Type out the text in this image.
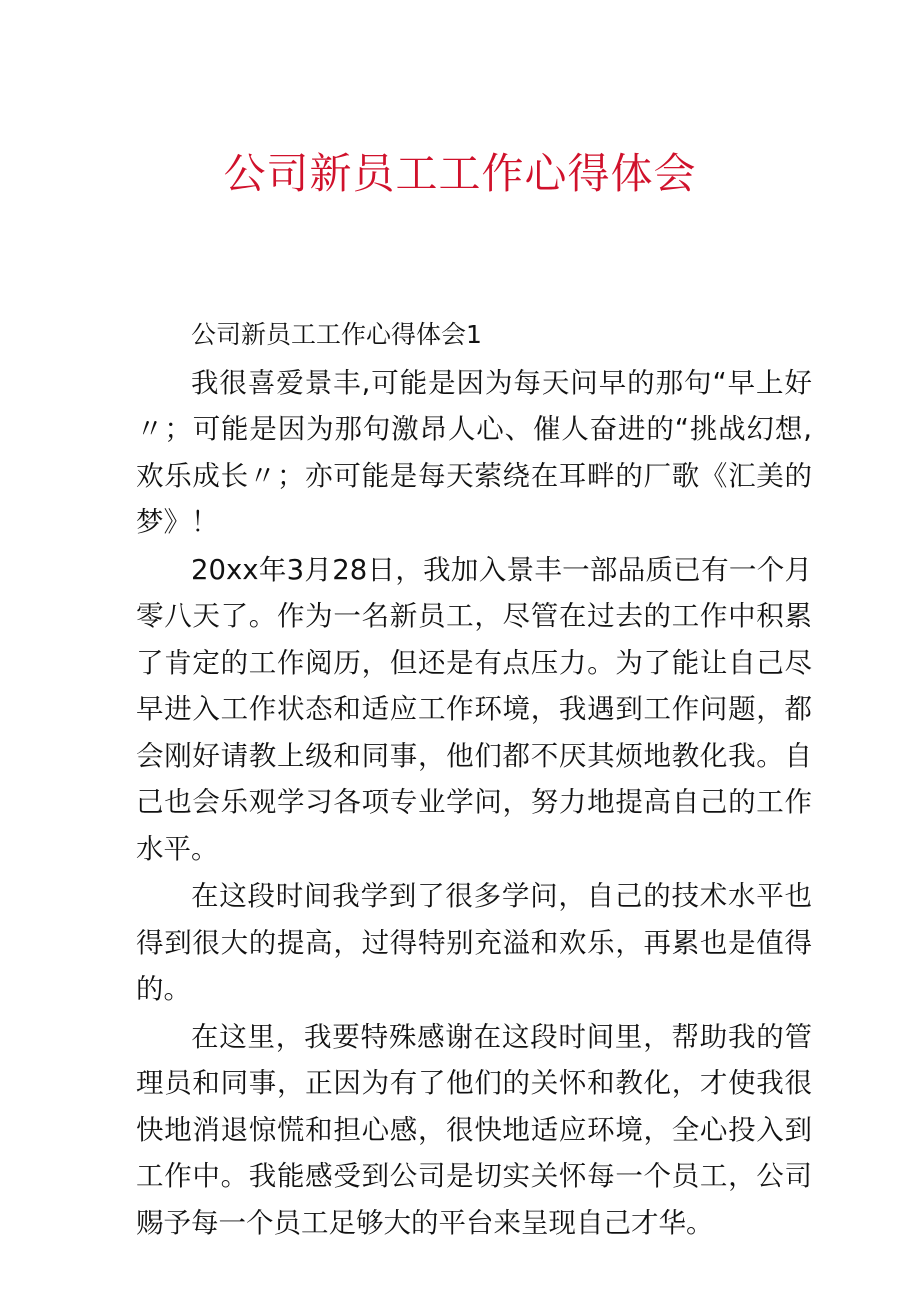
公司新员工工作心得体会

公司新员工工作心得体会1

我很喜爱景丰,可能是因为每天问早的那句“早上好〃；可能是因为那句激昂人心、催人奋进的“挑战幻想,欢乐成长〃；亦可能是每天萦绕在耳畔的厂歌《汇美的梦》！

20xx年3月28日，我加入景丰一部品质已有一个月零八天了。作为一名新员工，尽管在过去的工作中积累了肯定的工作阅历，但还是有点压力。为了能让自己尽早进入工作状态和适应工作环境，我遇到工作问题，都会刚好请教上级和同事，他们都不厌其烦地教化我。自己也会乐观学习各项专业学问，努力地提高自己的工作水平。

在这段时间我学到了很多学问，自己的技术水平也得到很大的提高，过得特别充溢和欢乐，再累也是值得的。

在这里，我要特殊感谢在这段时间里，帮助我的管理员和同事，正因为有了他们的关怀和教化，才使我很快地消退惊慌和担心感，很快地适应环境，全心投入到工作中。我能感受到公司是切实关怀每一个员工，公司赐予每一个员工足够大的平台来呈现自己才华。
